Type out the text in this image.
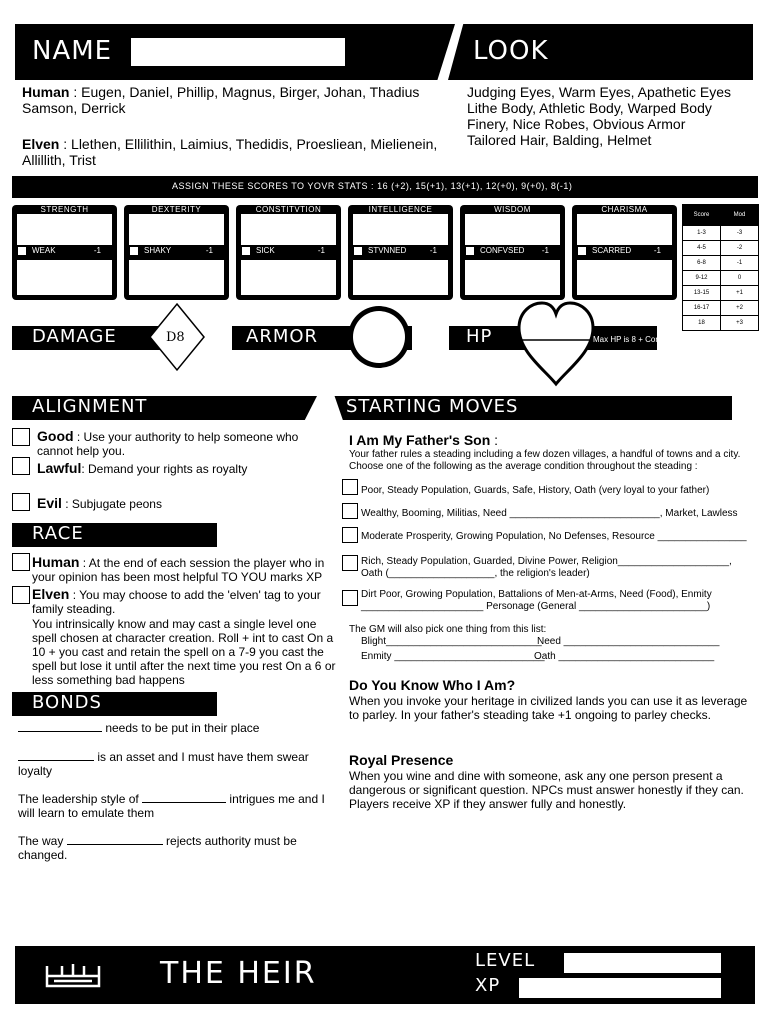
NAME	LOOK
Human : Eugen, Daniel, Phillip, Magnus, Birger, Johan, Thadius Samson, Derrick
Elven : Llethen, Ellilithin, Laimius, Thedidis, Proesliean, Mielienein, Allillith, Trist
Judging Eyes, Warm Eyes, Apathetic Eyes
Lithe Body, Athletic Body, Warped Body
Finery, Nice Robes, Obvious Armor
Tailored Hair, Balding, Helmet
ASSIGN THESE SCORES TO YOVR STATS : 16 (+2), 15(+1), 13(+1), 12(+0), 9(+0), 8(-1)
STRENGTH
WEAK	-1
DEXTERITY
SHAKY	-1
CONSTITVTION
SICK	-1
INTELLIGENCE
STVNNED	-1
WISDOM
CONFVSED -1
CHARISMA
SCARRED	-1
Score	Mod
1-3	-3
4-5	-2
6-8	-1
9-12	0
13-15	+1
16-17	+2
18	+3
DAMAGE	D8	ARMOR	HP	Max HP is 8 + Con
ALIGNMENT
Good : Use your authority to help someone who cannot help you.
Lawful: Demand your rights as royalty
Evil : Subjugate peons
RACE
Human : At the end of each session the player who in your opinion has been most helpful TO YOU marks XP
Elven : You may choose to add the 'elven' tag to your family steading.
You intrinsically know and may cast a single level one spell chosen at character creation. Roll + int to cast On a 10 + you cast and retain the spell on a 7-9 you cast the spell but lose it until after the next time you rest On a 6 or less something bad happens
BONDS
needs to be put in their place
is an asset and I must have them swear loyalty
The leadership style of	intrigues me and I will learn to emulate them
The way	rejects authority must be changed.
STARTING MOVES
I Am My Father's Son :
Your father rules a steading including a few dozen villages, a handful of towns and a city. Choose one of the following as the average condition throughout the steading :
Poor, Steady Population, Guards, Safe, History, Oath (very loyal to your father)
Wealthy, Booming, Militias, Need ___________________________, Market, Lawless
Moderate Prosperity, Growing Population, No Defenses, Resource ________________
Rich, Steady Population, Guarded, Divine Power, Religion____________________, Oath (___________________, the religion's leader)
Dirt Poor, Growing Population, Battalions of Men-at-Arms, Need (Food), Enmity ______________________ Personage (General _______________________)
The GM will also pick one thing from this list:
Blight____________________________
Need ____________________________
Enmity ___________________________
Oath ____________________________
Do You Know Who I Am?
When you invoke your heritage in civilized lands you can use it as leverage to parley. In your father's steading take +1 ongoing to parley checks.
Royal Presence
When you wine and dine with someone, ask any one person present a dangerous or significant question. NPCs must answer honestly if they can. Players receive XP if they answer fully and honestly.
THE HEIR	LEVEL
XP
